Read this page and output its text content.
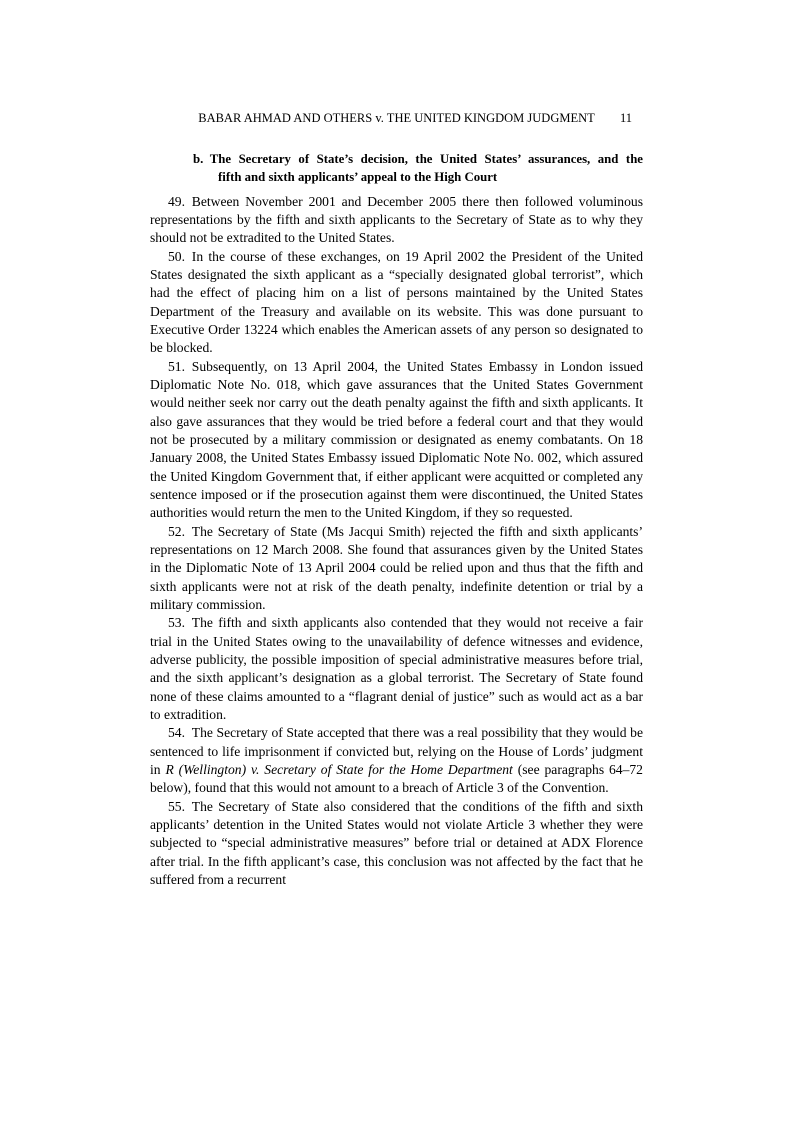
BABAR AHMAD AND OTHERS v. THE UNITED KINGDOM JUDGMENT	11
b. The Secretary of State’s decision, the United States’ assurances, and the
fifth and sixth applicants’ appeal to the High Court

49. Between November 2001 and December 2005 there then followed voluminous representations by the fifth and sixth applicants to the Secretary of State as to why they should not be extradited to the United States.

50. In the course of these exchanges, on 19 April 2002 the President of the United States designated the sixth applicant as a “specially designated global terrorist”, which had the effect of placing him on a list of persons maintained by the United States Department of the Treasury and available on its website. This was done pursuant to Executive Order 13224 which enables the American assets of any person so designated to be blocked.

51. Subsequently, on 13 April 2004, the United States Embassy in London issued Diplomatic Note No. 018, which gave assurances that the United States Government would neither seek nor carry out the death penalty against the fifth and sixth applicants. It also gave assurances that they would be tried before a federal court and that they would not be prosecuted by a military commission or designated as enemy combatants. On 18 January 2008, the United States Embassy issued Diplomatic Note No. 002, which assured the United Kingdom Government that, if either applicant were acquitted or completed any sentence imposed or if the prosecution against them were discontinued, the United States authorities would return the men to the United Kingdom, if they so requested.

52. The Secretary of State (Ms Jacqui Smith) rejected the fifth and sixth applicants’ representations on 12 March 2008. She found that assurances given by the United States in the Diplomatic Note of 13 April 2004 could be relied upon and thus that the fifth and sixth applicants were not at risk of the death penalty, indefinite detention or trial by a military commission.

53. The fifth and sixth applicants also contended that they would not receive a fair trial in the United States owing to the unavailability of defence witnesses and evidence, adverse publicity, the possible imposition of special administrative measures before trial, and the sixth applicant’s designation as a global terrorist. The Secretary of State found none of these claims amounted to a “flagrant denial of justice” such as would act as a bar to extradition.

54. The Secretary of State accepted that there was a real possibility that they would be sentenced to life imprisonment if convicted but, relying on the House of Lords’ judgment in R (Wellington) v. Secretary of State for the Home Department (see paragraphs 64–72 below), found that this would not amount to a breach of Article 3 of the Convention.

55. The Secretary of State also considered that the conditions of the fifth and sixth applicants’ detention in the United States would not violate Article 3 whether they were subjected to “special administrative measures” before trial or detained at ADX Florence after trial. In the fifth applicant’s case, this conclusion was not affected by the fact that he suffered from a recurrent
